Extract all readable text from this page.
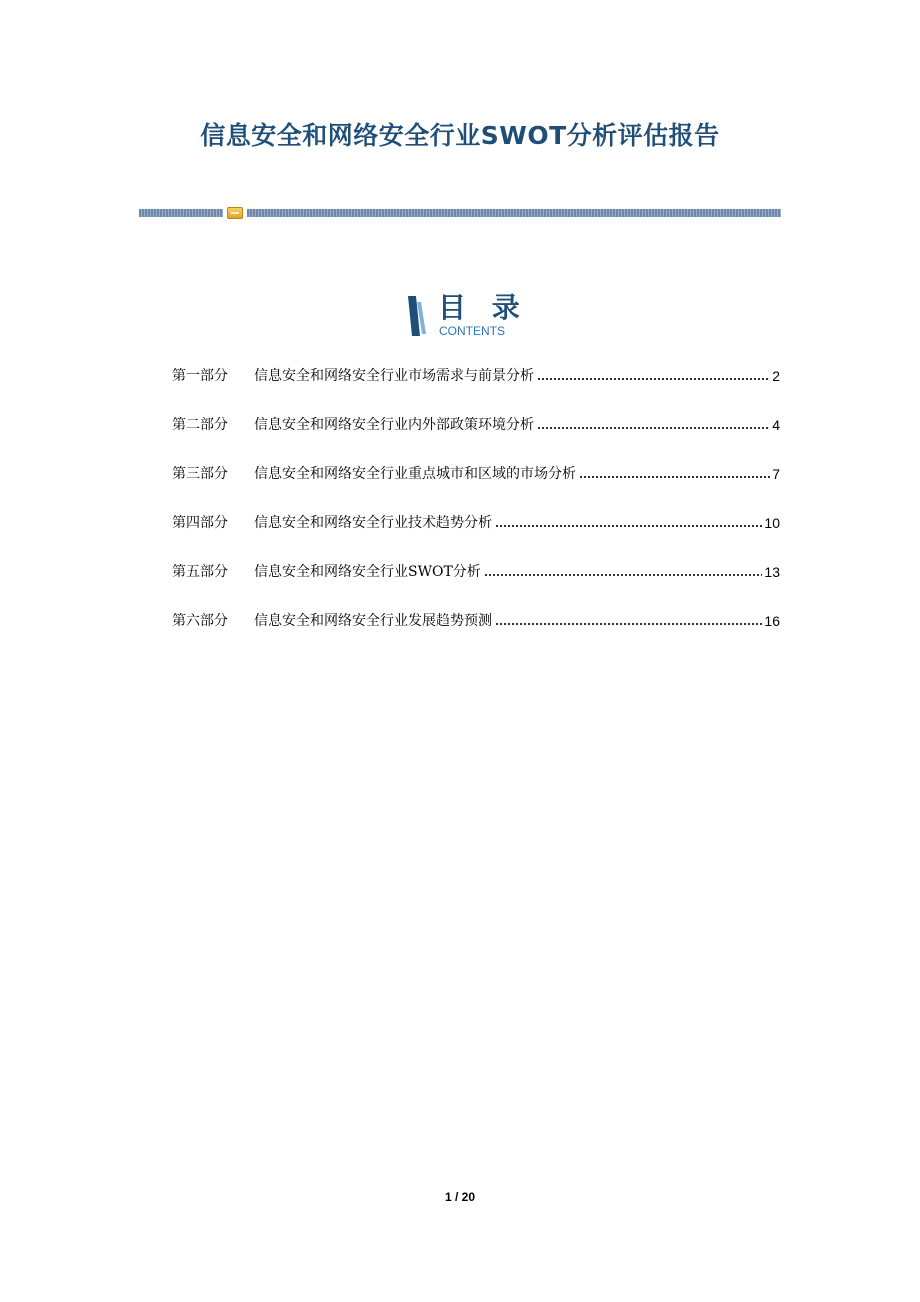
信息安全和网络安全行业SWOT分析评估报告
目 录
CONTENTS
第一部分	信息安全和网络安全行业市场需求与前景分析	2
第二部分	信息安全和网络安全行业内外部政策环境分析	4
第三部分	信息安全和网络安全行业重点城市和区域的市场分析	7
第四部分	信息安全和网络安全行业技术趋势分析	10
第五部分	信息安全和网络安全行业SWOT分析	13
第六部分	信息安全和网络安全行业发展趋势预测	16
1 / 20
